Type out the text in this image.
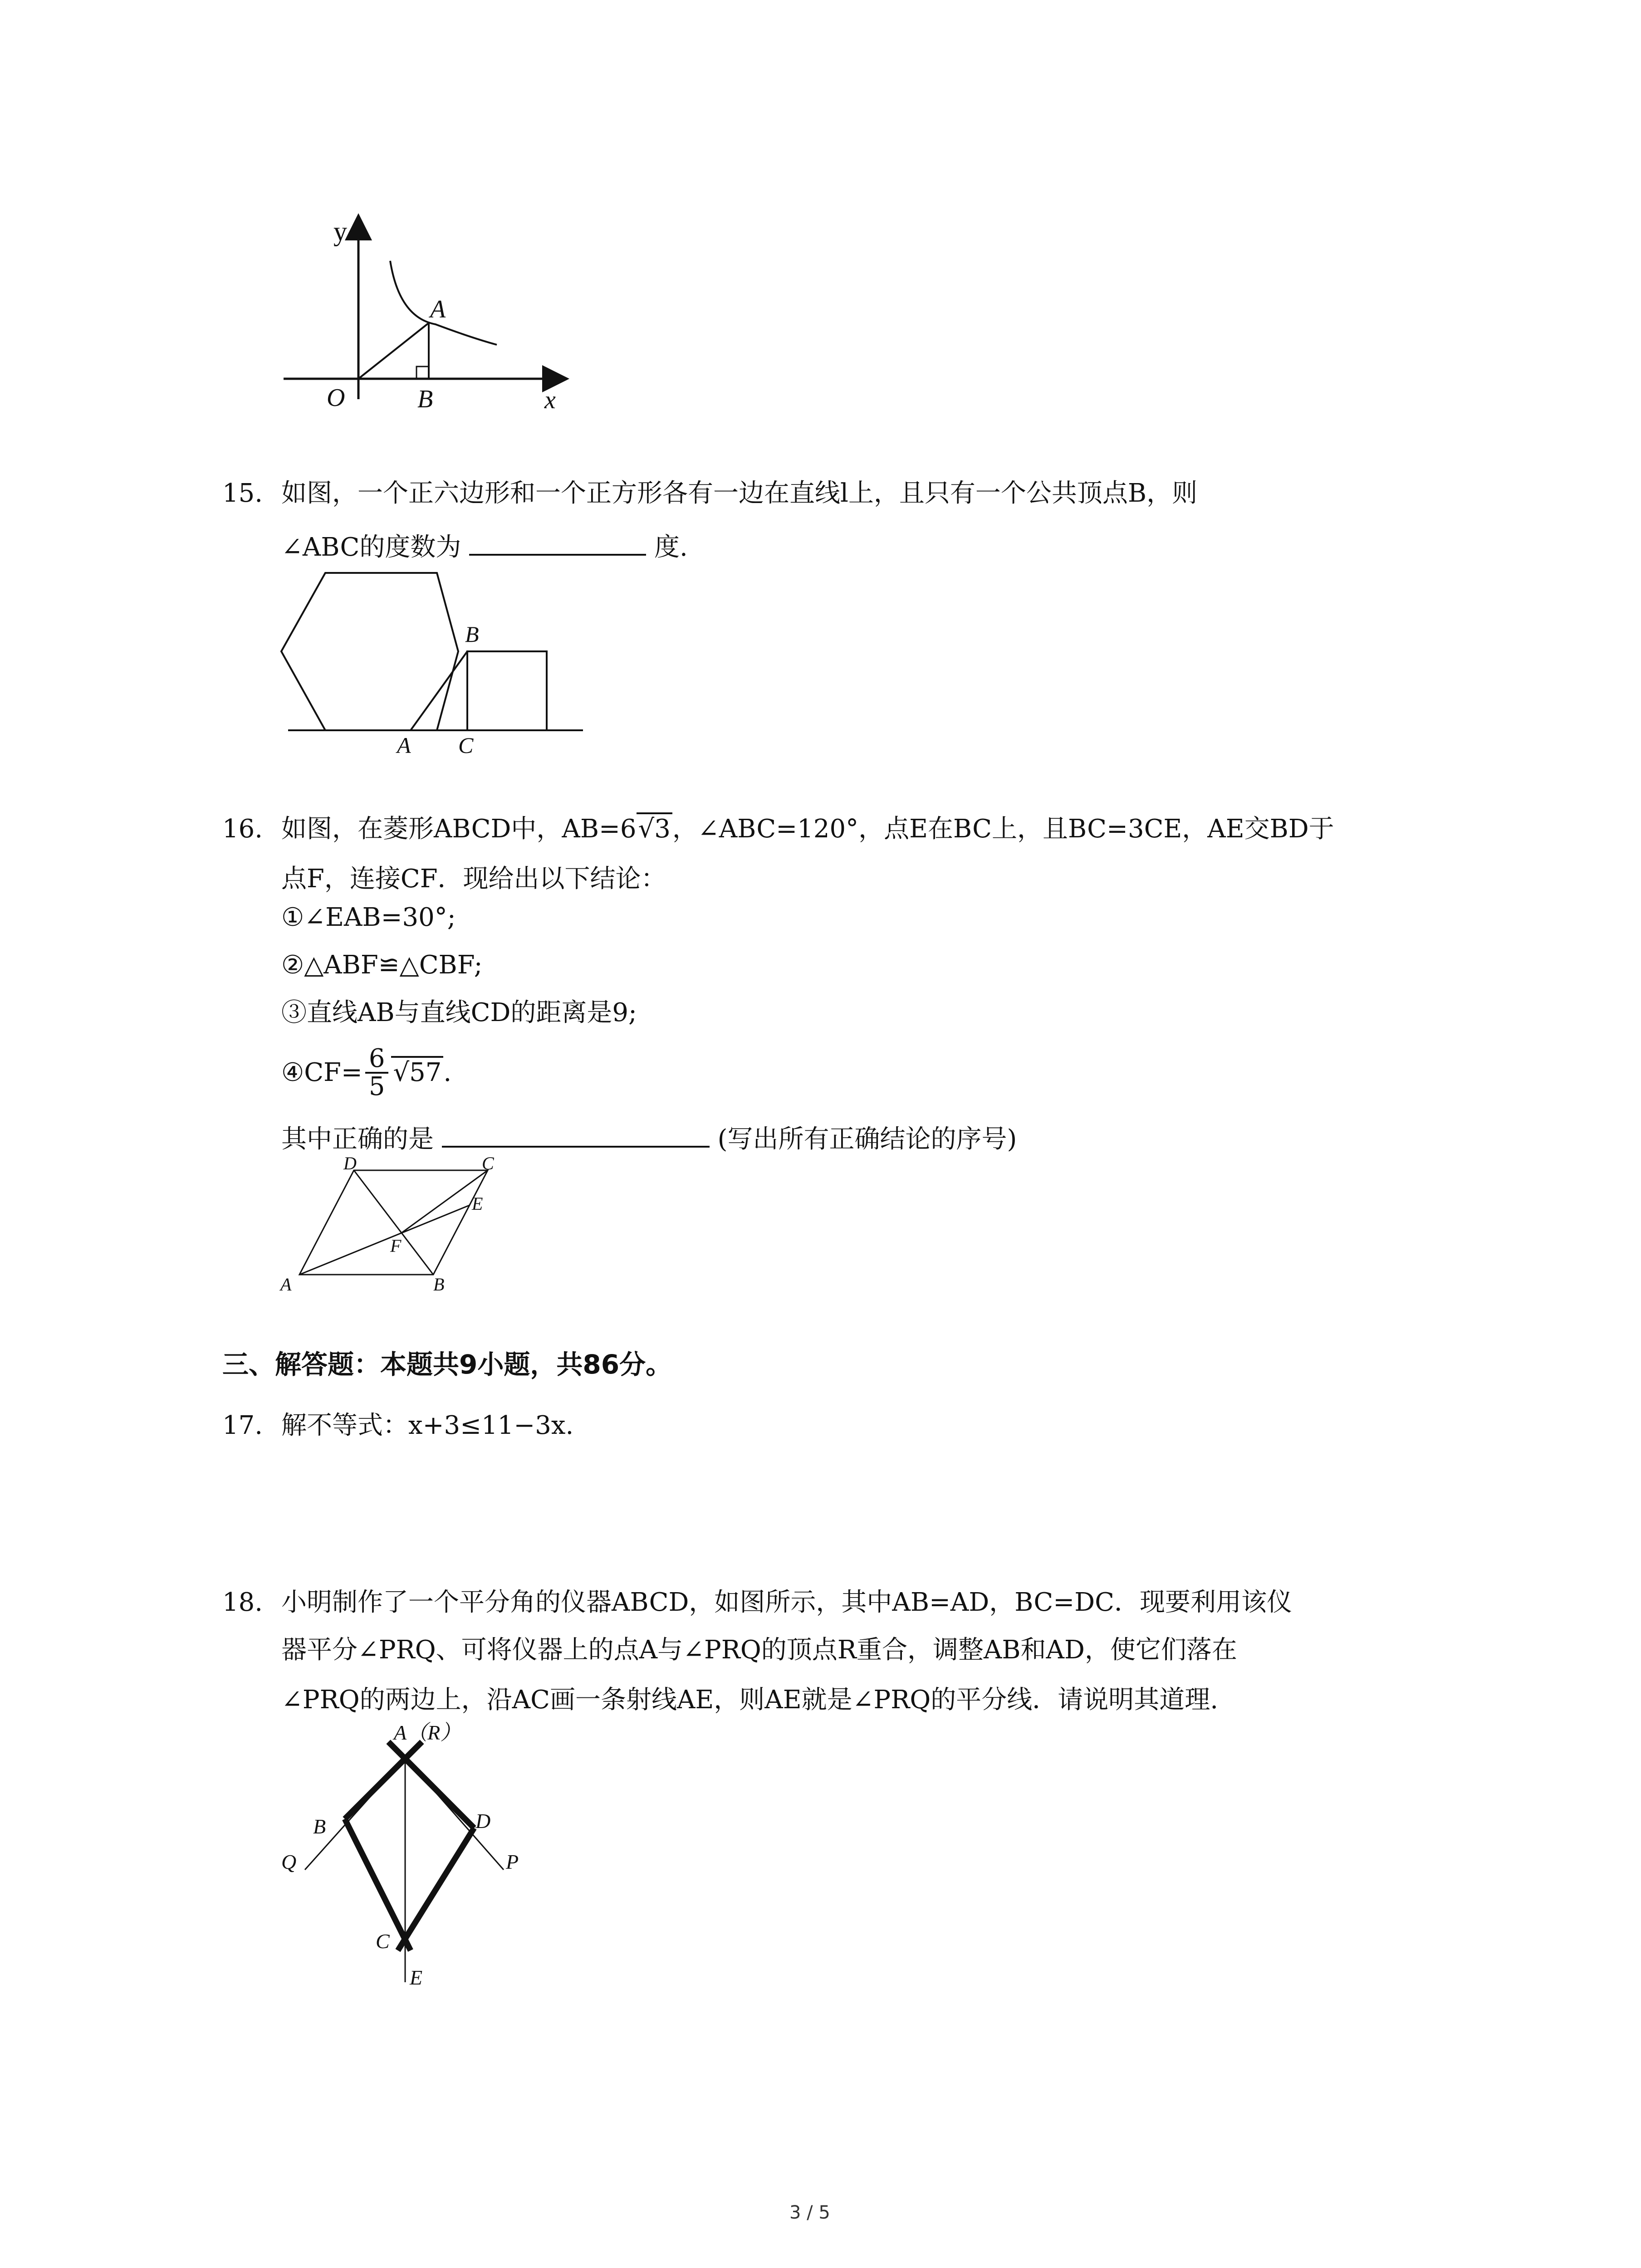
y
A
O	B	x
15. 如图，一个正六边形和一个正方形各有一边在直线l上，且只有一个公共顶点B，则
∠ABC的度数为	度.
B
A C
16. 如图，在菱形ABCD中，AB=6√3，∠ABC=120°，点E在BC上，且BC=3CE，AE交BD于
点F，连接CF．现给出以下结论：
①∠EAB=30°;
②△ABF≌△CBF;
③直线AB与直线CD的距离是9;
④CF= $\frac{6}{5} √57$.
其中正确的是	(写出所有正确结论的序号)
D	C
E
F
A	B
三、解答题：本题共9小题，共86分。
17. 解不等式：x+3≤11−3x.
18. 小明制作了一个平分角的仪器ABCD，如图所示，其中AB=AD，BC=DC．现要利用该仪
器平分∠PRQ、可将仪器上的点A与∠PRQ的顶点R重合，调整AB和AD，使它们落在
∠PRQ的两边上，沿AC画一条射线AE，则AE就是∠PRQ的平分线．请说明其道理.
A（R）
B	D
Q	P
C
E
3 / 5
